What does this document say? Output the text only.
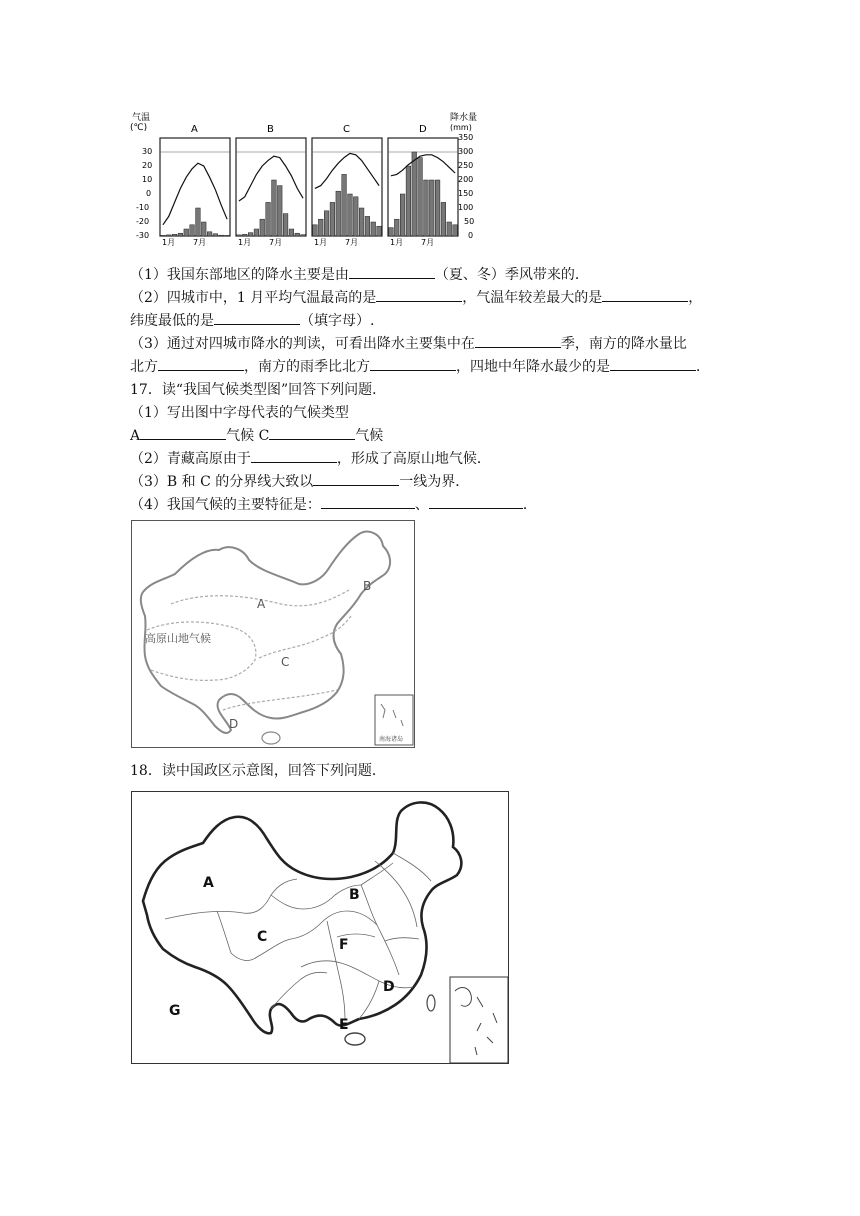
气温
(℃)
降水量
(mm)
30
20
10
0
-10
-20
-30
350
300
250
200
150
100
50
0
A
1月 7月
B
1月 7月
C
1月 7月
D
1月 7月
（1）我国东部地区的降水主要是由	（夏、冬）季风带来的．
（2）四城市中，1 月平均气温最高的是	，气温年较差最大的是	，
纬度最低的是	（填字母）.
（3）通过对四城市降水的判读，可看出降水主要集中在	季，南方的降水量比
北方	，南方的雨季比北方	，四地中年降水最少的是	．
17．读“我国气候类型图”回答下列问题．
（1）写出图中字母代表的气候类型
A	气候 C	气候
（2）青藏高原由于	，形成了高原山地气候．
（3）B 和 C 的分界线大致以	一线为界．
（4）我国气候的主要特征是：	、	．
A
B
C
D
高原山地气候
南海诸岛
18．读中国政区示意图，回答下列问题．
A
B
C
D
E
F
G
